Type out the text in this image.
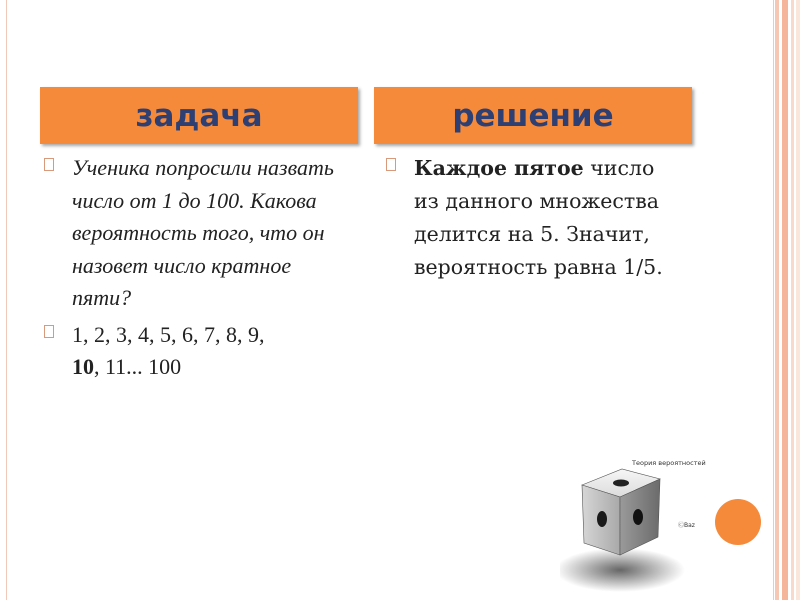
задача	решение
Ученика попросили назвать число от 1 до 100. Какова вероятность того, что он назовет число кратное пяти?
1, 2, 3, 4, 5, 6, 7, 8, 9,
10, 11... 100
Каждое пятое число из данного множества делится на 5. Значит, вероятность равна 1/5.
Теория вероятностей
ⒸBaz
